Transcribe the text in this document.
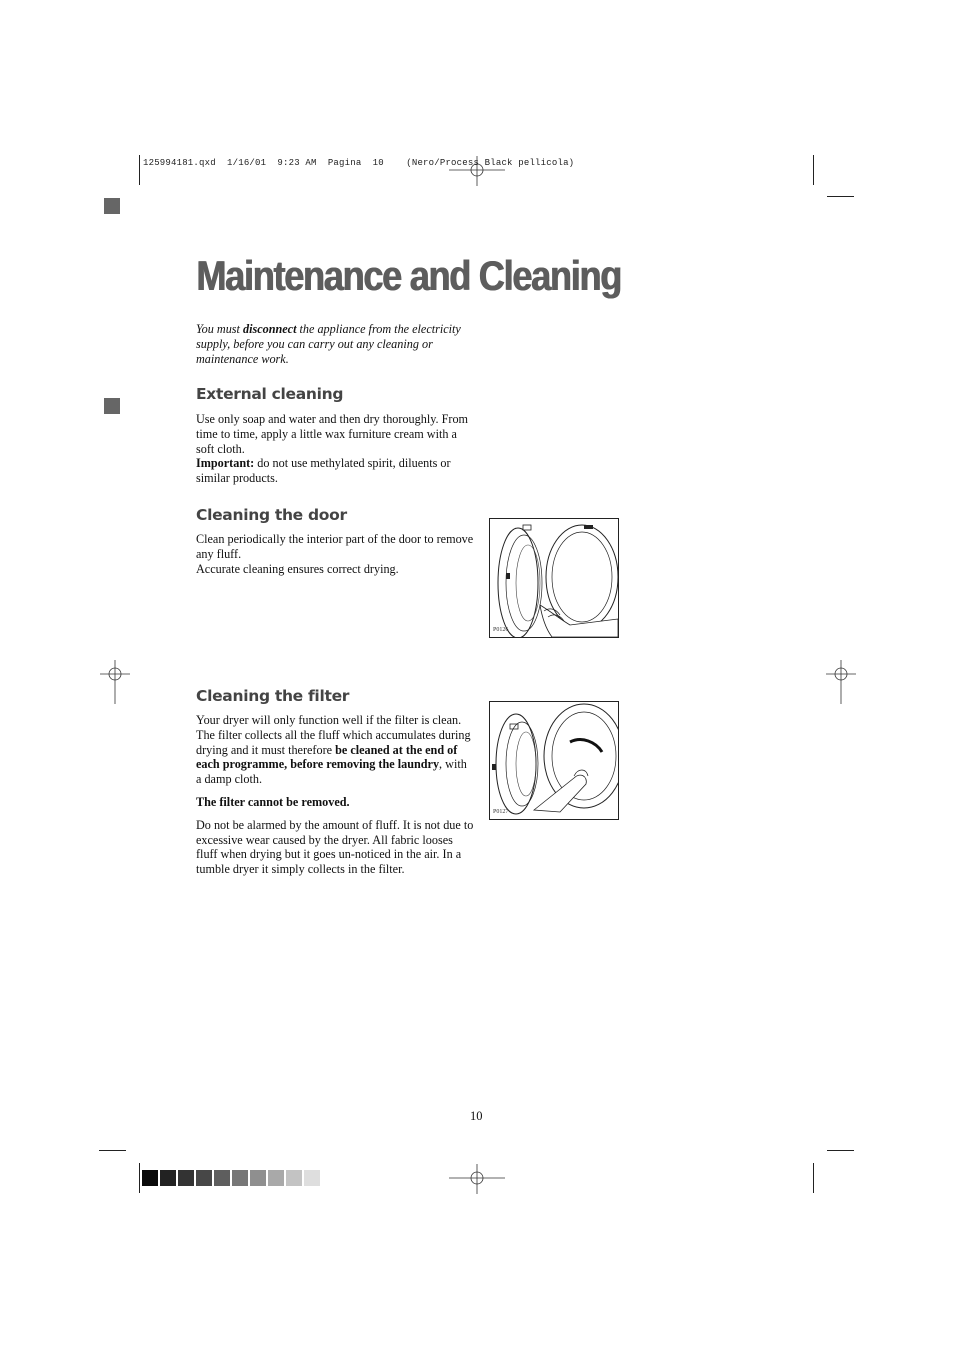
125994181.qxd  1/16/01  9:23 AM  Pagina  10    (Nero/Process Black pellicola)
Maintenance and Cleaning
You must disconnect the appliance from the electricity supply, before you can carry out any cleaning or maintenance work.
External cleaning

Use only soap and water and then dry thoroughly. From time to time, apply a little wax furniture cream with a soft cloth.

Important: do not use methylated spirit, diluents or similar products.

Cleaning the door

Clean periodically the interior part of the door to remove any fluff.

Accurate cleaning ensures correct drying.

P0126
Cleaning the filter

Your dryer will only function well if the filter is clean. The filter collects all the fluff which accumulates during drying and it must therefore be cleaned at the end of each programme, before removing the laundry, with a damp cloth.

The filter cannot be removed.

Do not be alarmed by the amount of fluff. It is not due to excessive wear caused by the dryer. All fabric looses fluff when drying but it goes un-noticed in the air. In a tumble dryer it simply collects in the filter.

P0127
10
